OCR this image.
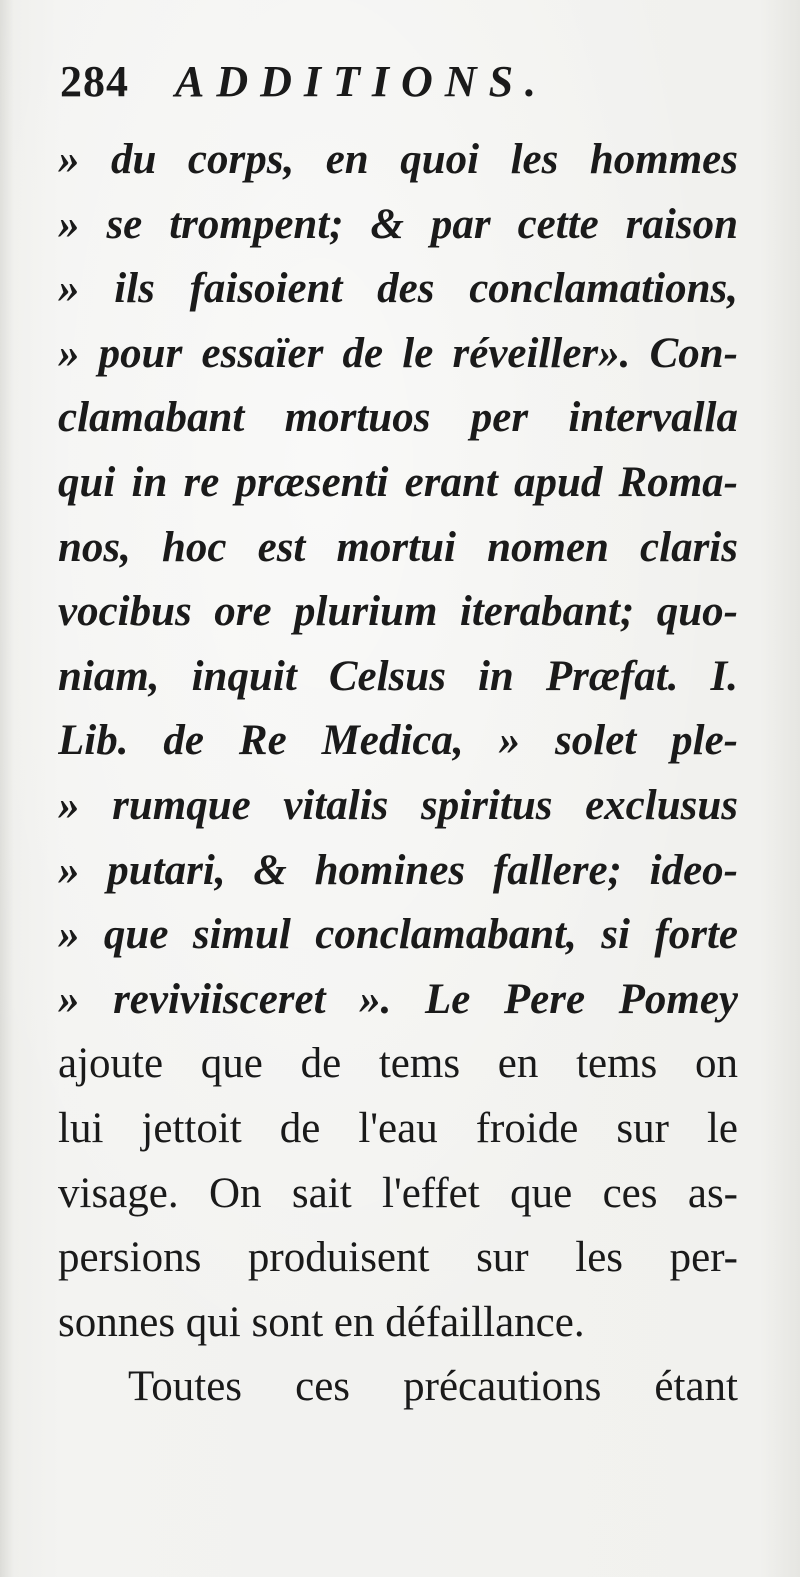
284 ADDITIONS.
» du corps, en quoi les hommes
» se trompent; & par cette raison
» ils faisoient des conclamations,
» pour essaïer de le réveiller». Con-
clamabant mortuos per intervalla
qui in re præsenti erant apud Roma-
nos, hoc est mortui nomen claris
vocibus ore plurium iterabant; quo-
niam, inquit Celsus in Præfat. I.
Lib. de Re Medica, » solet ple-
» rumque vitalis spiritus exclusus
» putari, & homines fallere; ideo-
» que simul conclamabant, si forte
» reviviisceret ». Le Pere Pomey
ajoute que de tems en tems on
lui jettoit de l'eau froide sur le
visage. On sait l'effet que ces as-
persions produisent sur les per-
sonnes qui sont en défaillance.
Toutes ces précautions étant
